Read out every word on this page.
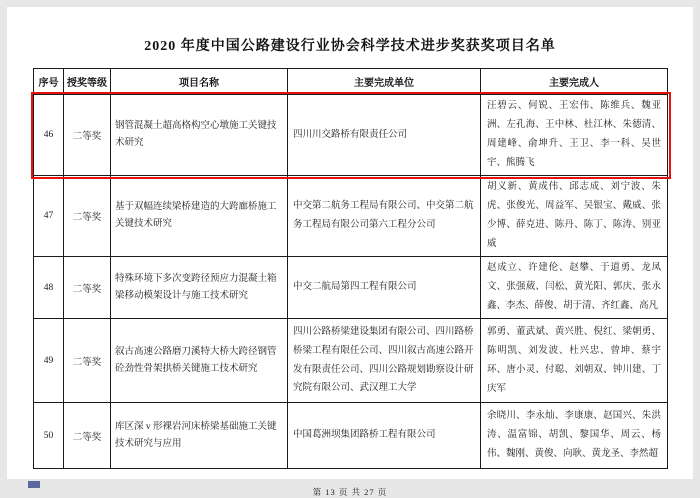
2020 年度中国公路建设行业协会科学技术进步奖获奖项目名单
序号	授奖等级	项目名称	主要完成单位	主要完成人
46	二等奖	钢管混凝土超高格构空心墩施工关键技术研究	四川川交路桥有限责任公司	汪碧云、何锐、王宏伟、陈维兵、魏亚洲、左孔海、王中林、杜江林、朱德清、周建峰、俞坤升、王卫、李一科、吴世宇、熊腾飞
47	二等奖	基于双幅连续梁桥建造的大跨廊桥施工关键技术研究	中交第二航务工程局有限公司、中交第二航务工程局有限公司第六工程分公司	胡义新、黄成伟、邱志成、刘宁波、朱虎、张俊光、周益军、吴银宝、戴威、张少博、薛克进、陈丹、陈丁、陈涛、别亚威
48	二等奖	特殊环境下多次变跨径预应力混凝土箱梁移动模架设计与施工技术研究	中交二航局第四工程有限公司	赵成立、许建伦、赵攀、于道勇、龙凤文、张强葳、闫松、黄光阳、郭庆、张永鑫、李杰、薛俊、胡于清、齐红鑫、高凡
49	二等奖	叙古高速公路磨刀溪特大桥大跨径钢管砼劲性骨架拱桥关键施工技术研究	四川公路桥梁建设集团有限公司、四川路桥桥梁工程有限任公司、四川叙古高速公路开发有限责任公司、四川公路规划勘察设计研究院有限公司、武汉理工大学	郭勇、董武斌、黄兴胜、倪红、梁朝勇、陈明凯、刘发波、杜兴忠、曾坤、蔡宇环、唐小灵、付聪、刘朝双、钟川建、丁庆军
50	二等奖	库区深 v 形裸岩河床桥梁基础施工关键技术研究与应用	中国葛洲坝集团路桥工程有限公司	余晓川、李永灿、李康康、赵国兴、朱洪涛、温富锦、胡凯、黎国华、周云、杨伟、魏刚、黄俊、向耿、黄龙圣、李然超
第 13 页 共 27 页
